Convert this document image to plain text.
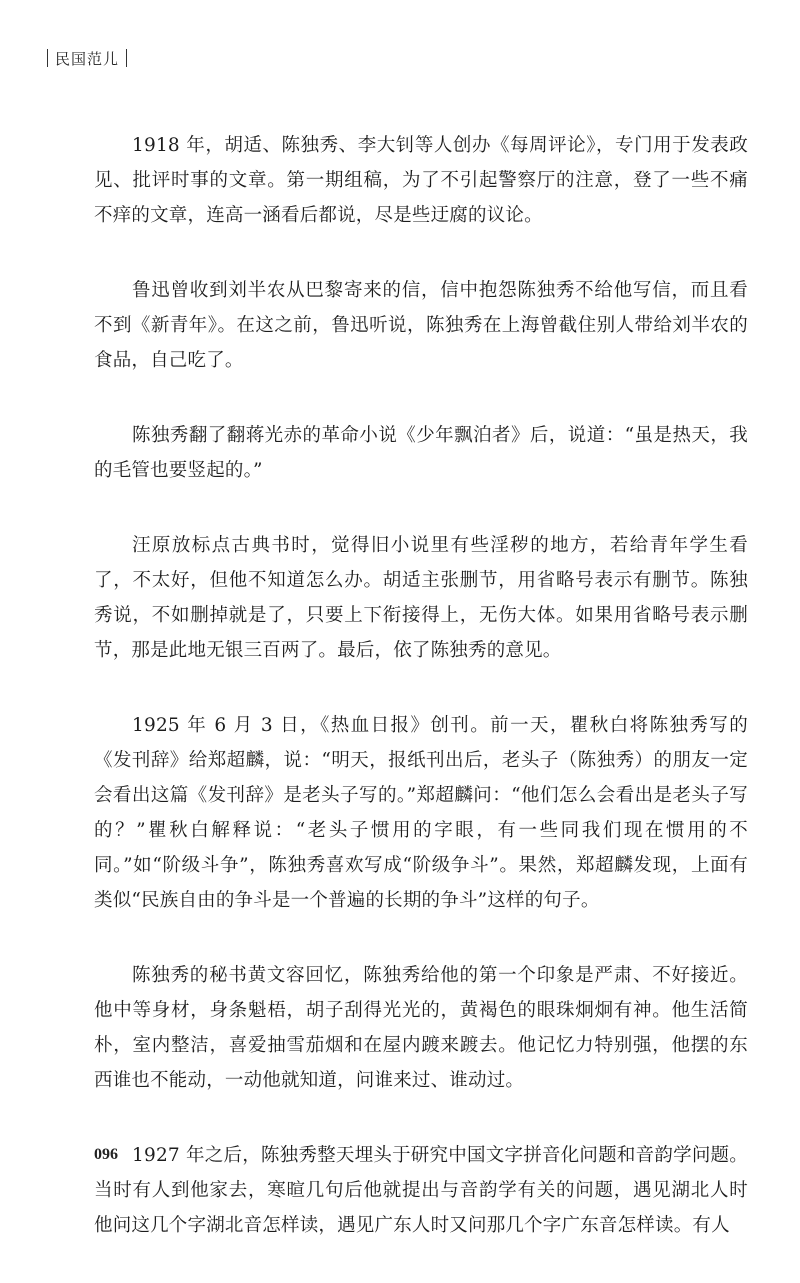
民国范儿

1918 年，胡适、陈独秀、李大钊等人创办《每周评论》，专门用于发表政见、批评时事的文章。第一期组稿，为了不引起警察厅的注意，登了一些不痛不痒的文章，连高一涵看后都说，尽是些迂腐的议论。

鲁迅曾收到刘半农从巴黎寄来的信，信中抱怨陈独秀不给他写信，而且看不到《新青年》。在这之前，鲁迅听说，陈独秀在上海曾截住别人带给刘半农的食品，自己吃了。

陈独秀翻了翻蒋光赤的革命小说《少年飘泊者》后，说道：“虽是热天，我的毛管也要竖起的。”

汪原放标点古典书时，觉得旧小说里有些淫秽的地方，若给青年学生看了，不太好，但他不知道怎么办。胡适主张删节，用省略号表示有删节。陈独秀说，不如删掉就是了，只要上下衔接得上，无伤大体。如果用省略号表示删节，那是此地无银三百两了。最后，依了陈独秀的意见。

1925 年 6 月 3 日，《热血日报》创刊。前一天，瞿秋白将陈独秀写的《发刊辞》给郑超麟，说：“明天，报纸刊出后，老头子（陈独秀）的朋友一定会看出这篇《发刊辞》是老头子写的。”郑超麟问：“他们怎么会看出是老头子写的？”瞿秋白解释说：“老头子惯用的字眼，有一些同我们现在惯用的不同。”如“阶级斗争”，陈独秀喜欢写成“阶级争斗”。果然，郑超麟发现，上面有类似“民族自由的争斗是一个普遍的长期的争斗”这样的句子。

陈独秀的秘书黄文容回忆，陈独秀给他的第一个印象是严肃、不好接近。他中等身材，身条魁梧，胡子刮得光光的，黄褐色的眼珠炯炯有神。他生活简朴，室内整洁，喜爱抽雪茄烟和在屋内踱来踱去。他记忆力特别强，他摆的东西谁也不能动，一动他就知道，问谁来过、谁动过。

1927 年之后，陈独秀整天埋头于研究中国文字拼音化问题和音韵学问题。当时有人到他家去，寒暄几句后他就提出与音韵学有关的问题，遇见湖北人时他问这几个字湖北音怎样读，遇见广东人时又问那几个字广东音怎样读。有人

096
